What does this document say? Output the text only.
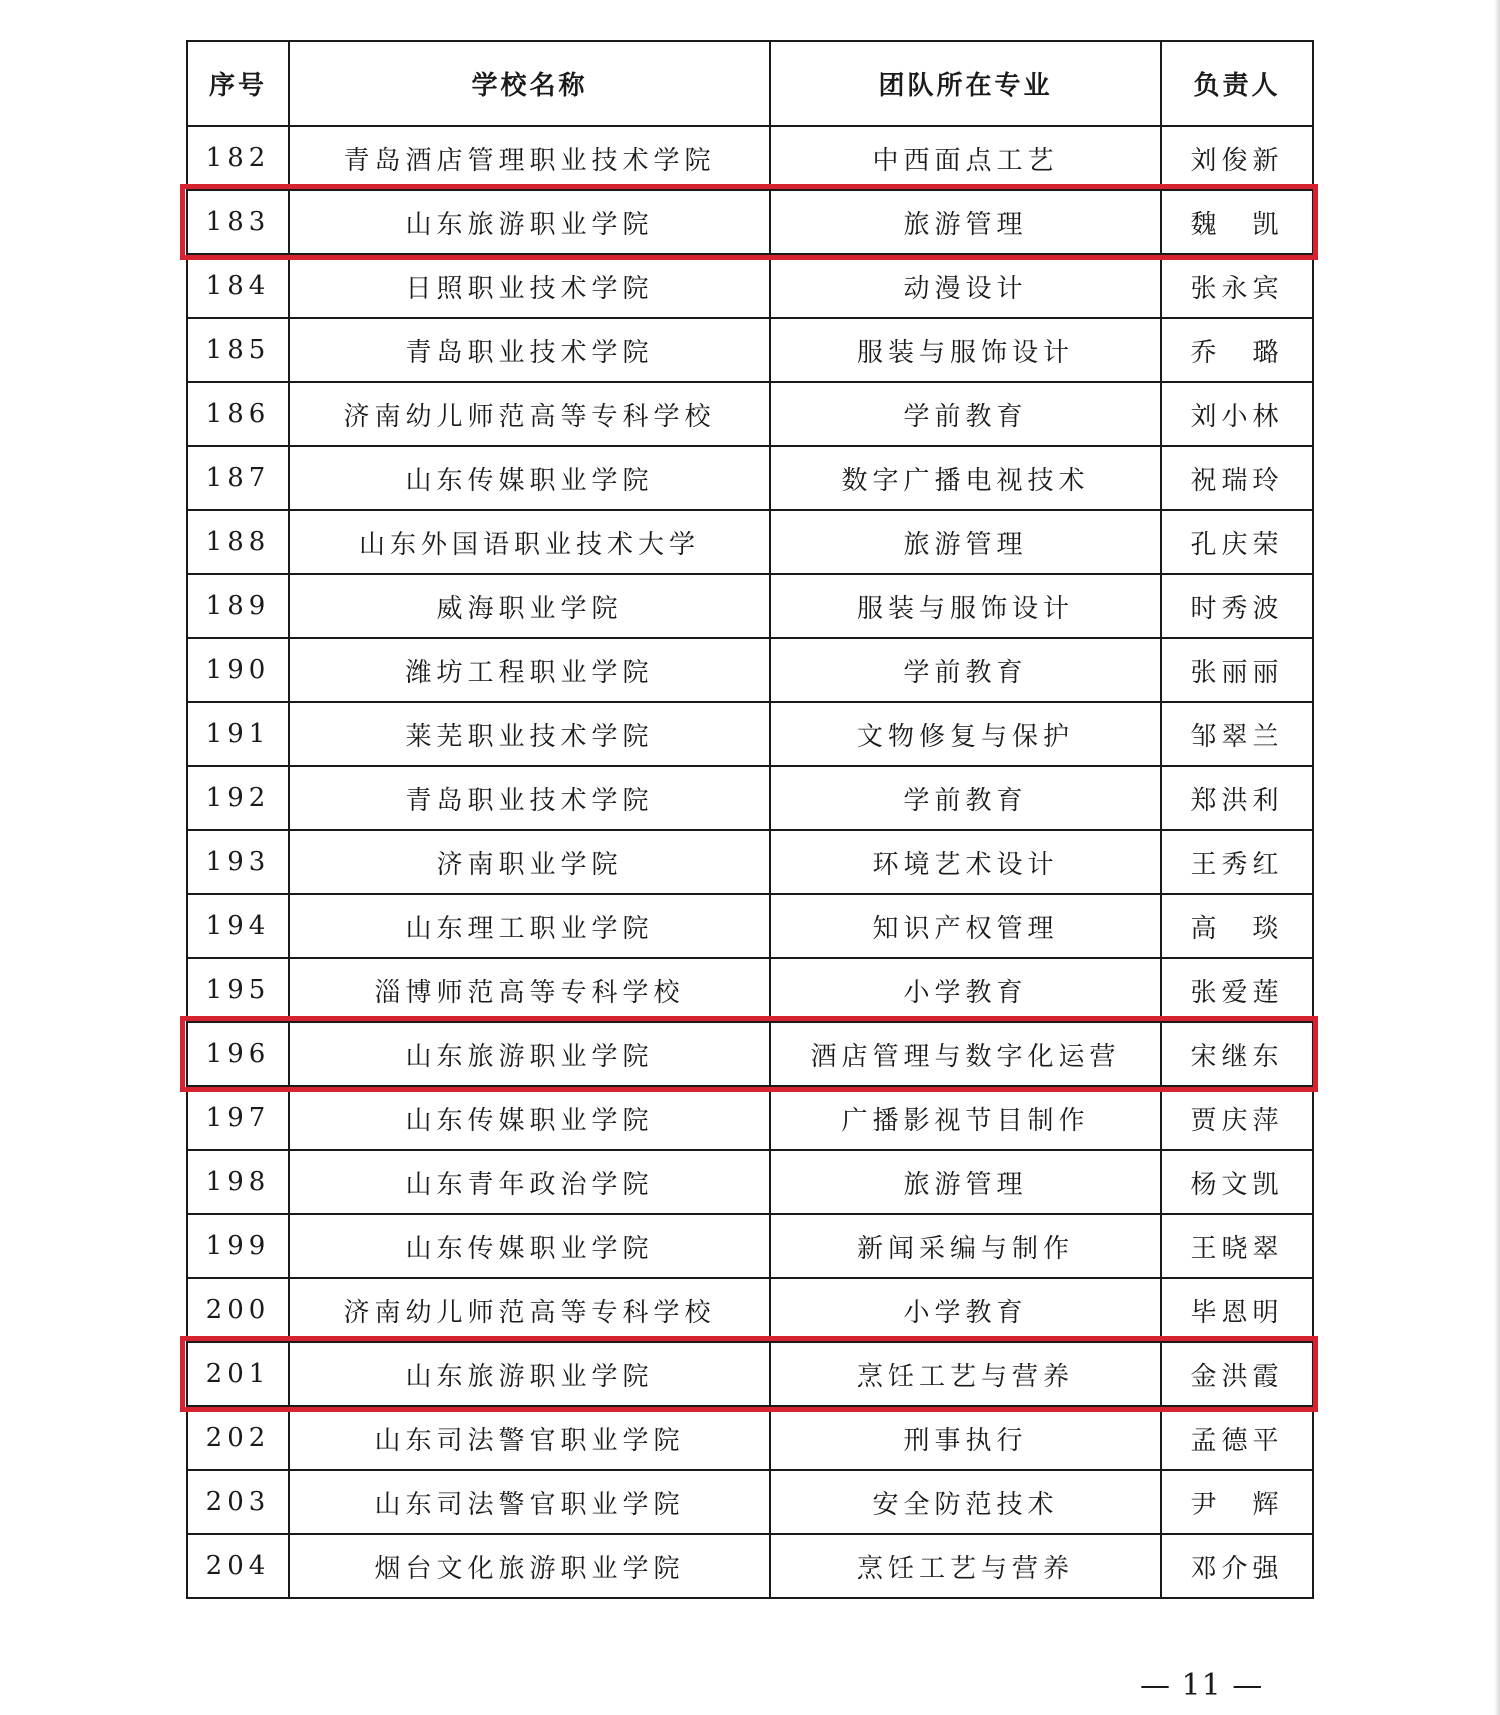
序号	学校名称	团队所在专业	负责人
182	青岛酒店管理职业技术学院	中西面点工艺	刘俊新
183	山东旅游职业学院	旅游管理	魏　凯
184	日照职业技术学院	动漫设计	张永宾
185	青岛职业技术学院	服装与服饰设计	乔　璐
186	济南幼儿师范高等专科学校	学前教育	刘小林
187	山东传媒职业学院	数字广播电视技术	祝瑞玲
188	山东外国语职业技术大学	旅游管理	孔庆荣
189	威海职业学院	服装与服饰设计	时秀波
190	潍坊工程职业学院	学前教育	张丽丽
191	莱芜职业技术学院	文物修复与保护	邹翠兰
192	青岛职业技术学院	学前教育	郑洪利
193	济南职业学院	环境艺术设计	王秀红
194	山东理工职业学院	知识产权管理	高　琰
195	淄博师范高等专科学校	小学教育	张爱莲
196	山东旅游职业学院	酒店管理与数字化运营	宋继东
197	山东传媒职业学院	广播影视节目制作	贾庆萍
198	山东青年政治学院	旅游管理	杨文凯
199	山东传媒职业学院	新闻采编与制作	王晓翠
200	济南幼儿师范高等专科学校	小学教育	毕恩明
201	山东旅游职业学院	烹饪工艺与营养	金洪霞
202	山东司法警官职业学院	刑事执行	孟德平
203	山东司法警官职业学院	安全防范技术	尹　辉
204	烟台文化旅游职业学院	烹饪工艺与营养	邓介强
— 11 —
